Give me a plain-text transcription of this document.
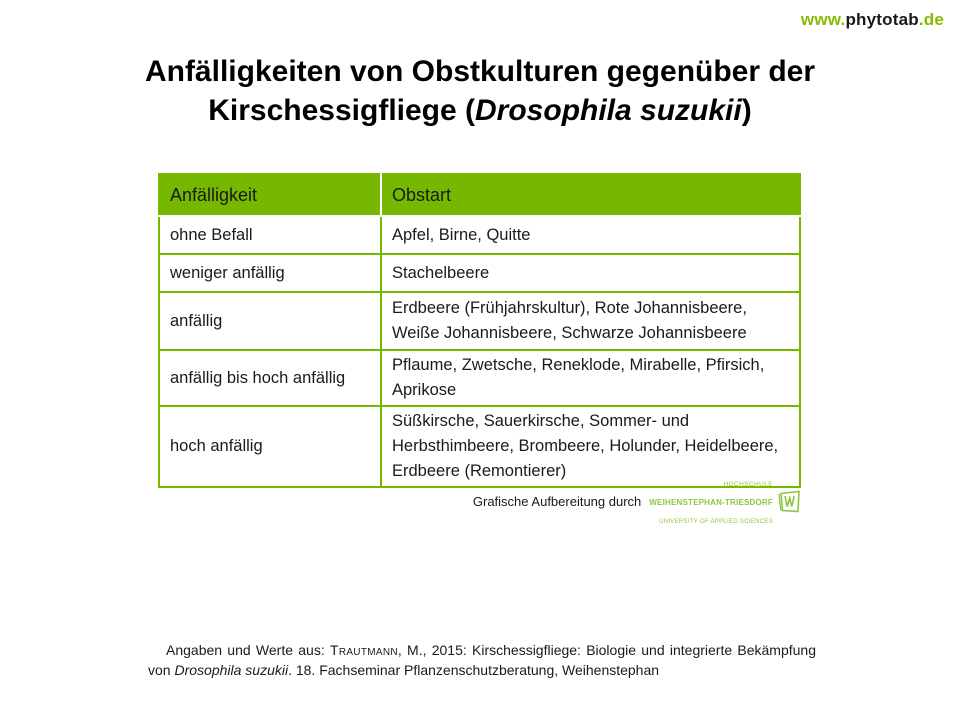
www.phytotab.de
Anfälligkeiten von Obstkulturen gegenüber der
Kirschessigfliege (Drosophila suzukii)
Anfälligkeit	Obstart
ohne Befall	Apfel, Birne, Quitte
weniger anfällig	Stachelbeere
anfällig	Erdbeere (Frühjahrskultur), Rote Johannisbeere, Weiße Johannisbeere, Schwarze Johannisbeere
anfällig bis hoch anfällig	Pflaume, Zwetsche, Reneklode, Mirabelle, Pfirsich, Aprikose
hoch anfällig	Süßkirsche, Sauerkirsche, Sommer- und Herbsthimbeere, Brombeere, Holunder, Heidelbeere, Erdbeere (Remontierer)
Grafische Aufbereitung durch
HOCHSCHULE
WEIHENSTEPHAN-TRIESDORF
UNIVERSITY OF APPLIED SCIENCES

Angaben und Werte aus: Trautmann, M., 2015: Kirschessigfliege: Biologie und integrierte Bekämpfung von Drosophila suzukii. 18. Fachseminar Pflanzenschutzberatung, Weihenstephan
